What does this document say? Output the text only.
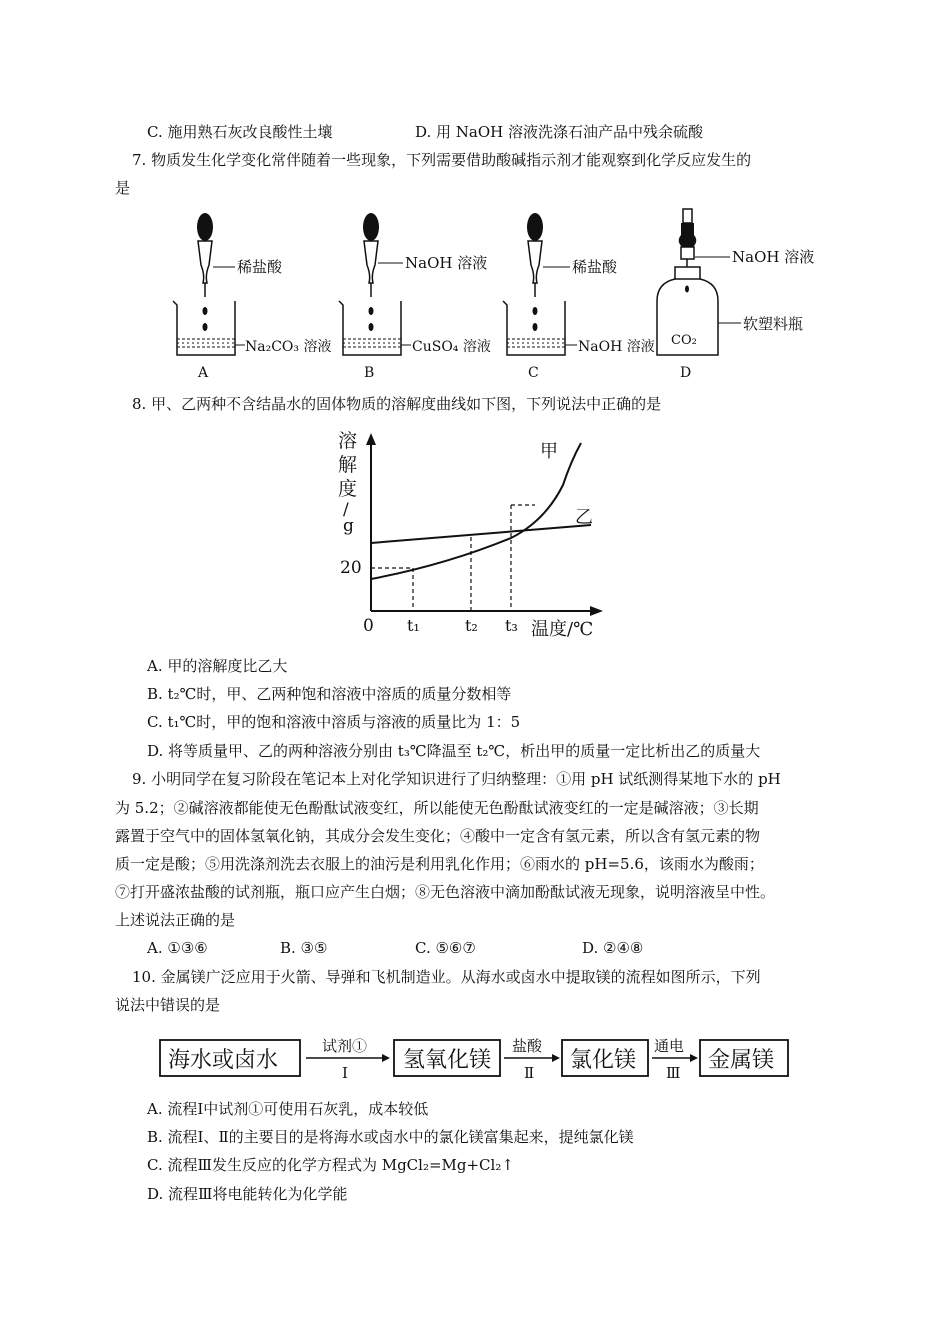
C. 施用熟石灰改良酸性土壤	D. 用 NaOH 溶液洗涤石油产品中残余硫酸
7. 物质发生化学变化常伴随着一些现象，下列需要借助酸碱指示剂才能观察到化学反应发生的
是
稀盐酸
Na₂CO₃ 溶液
A
NaOH 溶液
CuSO₄ 溶液
B
稀盐酸
NaOH 溶液
C
NaOH 溶液
CO₂
软塑料瓶
D
8. 甲、乙两种不含结晶水的固体物质的溶解度曲线如下图，下列说法中正确的是
溶
解
度
/
g
20
0 t₁	t₂ t₃ 温度/℃
甲
乙
A. 甲的溶解度比乙大
B. t₂℃时，甲、乙两种饱和溶液中溶质的质量分数相等
C. t₁℃时，甲的饱和溶液中溶质与溶液的质量比为 1：5
D. 将等质量甲、乙的两种溶液分别由 t₃℃降温至 t₂℃，析出甲的质量一定比析出乙的质量大
9. 小明同学在复习阶段在笔记本上对化学知识进行了归纳整理：①用 pH 试纸测得某地下水的 pH
为 5.2；②碱溶液都能使无色酚酞试液变红，所以能使无色酚酞试液变红的一定是碱溶液；③长期
露置于空气中的固体氢氧化钠，其成分会发生变化；④酸中一定含有氢元素，所以含有氢元素的物
质一定是酸；⑤用洗涤剂洗去衣服上的油污是利用乳化作用；⑥雨水的 pH=5.6，该雨水为酸雨；
⑦打开盛浓盐酸的试剂瓶，瓶口应产生白烟；⑧无色溶液中滴加酚酞试液无现象，说明溶液呈中性。
上述说法正确的是
A. ①③⑥	B. ③⑤	C. ⑤⑥⑦	D. ②④⑧
10. 金属镁广泛应用于火箭、导弹和飞机制造业。从海水或卤水中提取镁的流程如图所示，下列
说法中错误的是
海水或卤水
试剂①
Ⅰ	氢氧化镁
盐酸
Ⅱ 氯化镁
通电
Ⅲ 金属镁
A. 流程Ⅰ中试剂①可使用石灰乳，成本较低
B. 流程Ⅰ、Ⅱ的主要目的是将海水或卤水中的氯化镁富集起来，提纯氯化镁
C. 流程Ⅲ发生反应的化学方程式为 MgCl₂=Mg+Cl₂↑
D. 流程Ⅲ将电能转化为化学能
